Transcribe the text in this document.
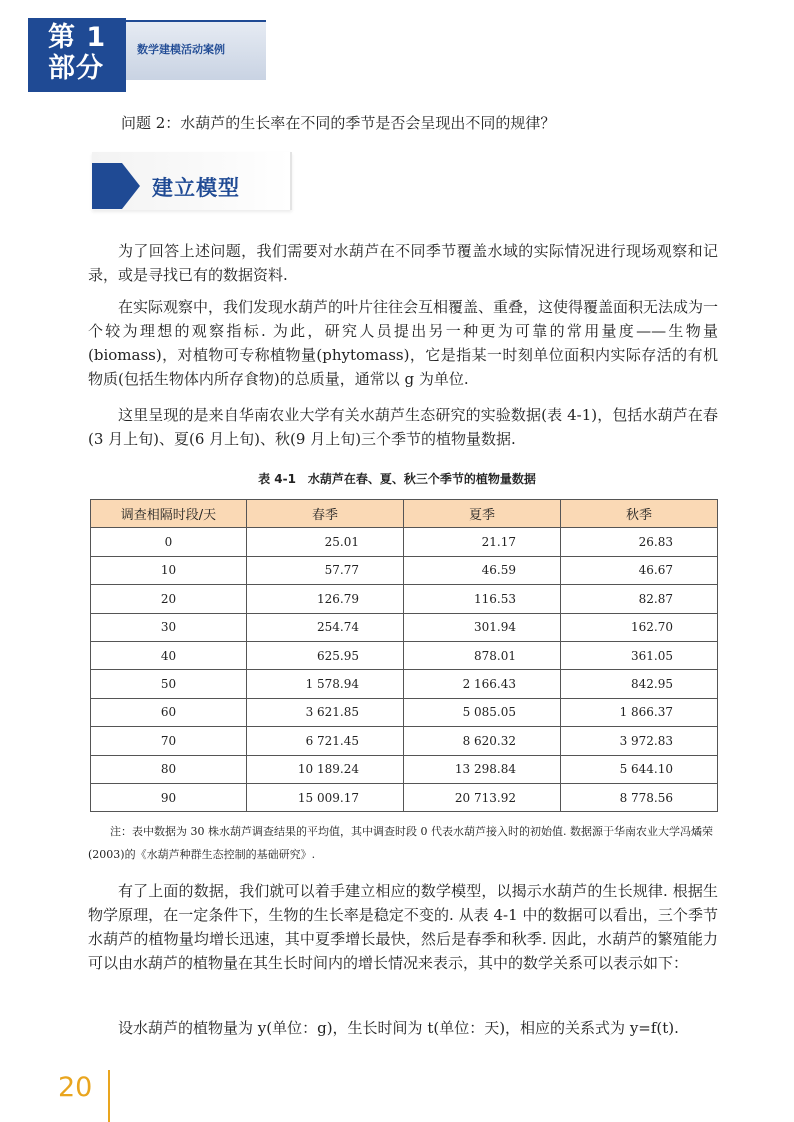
第 1
部分
数学建模活动案例
问题 2：水葫芦的生长率在不同的季节是否会呈现出不同的规律？
建立模型

为了回答上述问题，我们需要对水葫芦在不同季节覆盖水域的实际情况进行现场观察和记录，或是寻找已有的数据资料.

在实际观察中，我们发现水葫芦的叶片往往会互相覆盖、重叠，这使得覆盖面积无法成为一个较为理想的观察指标. 为此，研究人员提出另一种更为可靠的常用量度——生物量(biomass)，对植物可专称植物量(phytomass)，它是指某一时刻单位面积内实际存活的有机物质(包括生物体内所存食物)的总质量，通常以 g 为单位.

这里呈现的是来自华南农业大学有关水葫芦生态研究的实验数据(表 4-1)，包括水葫芦在春(3 月上旬)、夏(6 月上旬)、秋(9 月上旬)三个季节的植物量数据.

表 4-1　水葫芦在春、夏、秋三个季节的植物量数据
调查相隔时段/天	春季	夏季	秋季
0	25.01	21.17	26.83
10	57.77	46.59	46.67
20	126.79	116.53	82.87
30	254.74	301.94	162.70
40	625.95	878.01	361.05
50	1 578.94	2 166.43	842.95
60	3 621.85	5 085.05	1 866.37
70	6 721.45	8 620.32	3 972.83
80	10 189.24	13 298.84	5 644.10
90	15 009.17	20 713.92	8 778.56

注：表中数据为 30 株水葫芦调查结果的平均值，其中调查时段 0 代表水葫芦接入时的初始值. 数据源于华南农业大学冯燏荣(2003)的《水葫芦种群生态控制的基础研究》.

有了上面的数据，我们就可以着手建立相应的数学模型，以揭示水葫芦的生长规律. 根据生物学原理，在一定条件下，生物的生长率是稳定不变的. 从表 4-1 中的数据可以看出，三个季节水葫芦的植物量均增长迅速，其中夏季增长最快，然后是春季和秋季. 因此，水葫芦的繁殖能力可以由水葫芦的植物量在其生长时间内的增长情况来表示，其中的数学关系可以表示如下：

设水葫芦的植物量为 y(单位：g)，生长时间为 t(单位：天)，相应的关系式为 y=f(t).

20
